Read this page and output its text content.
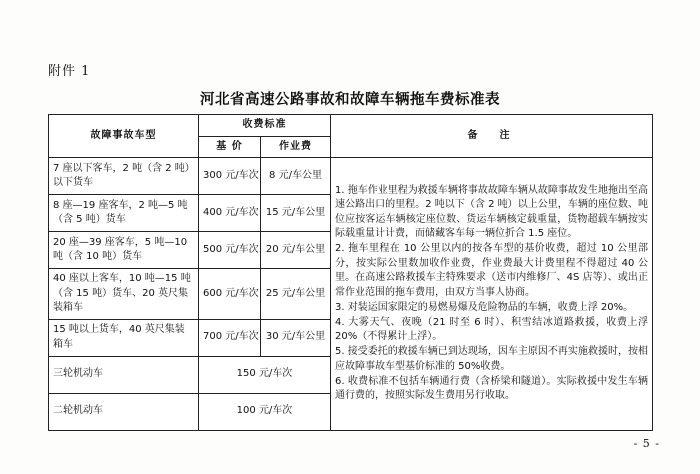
附件 1
河北省高速公路事故和故障车辆拖车费标准表
故障事故车型	收费标准		备　注
	基 价	作业费	
7 座以下客车，2 吨（含 2 吨）以下货车	300 元/车次	8 元/车公里	

1. 拖车作业里程为救援车辆将事故故障车辆从故障事故发生地拖出至高速公路出口的里程。2 吨以下（含 2 吨）以上公里，车辆的座位数、吨位应按客运车辆核定座位数、货运车辆核定载重量，货物超载车辆按实际载重量计计费，而储藏客车每一辆位折合 1.5 座位。

2. 拖车里程在 10 公里以内的按各车型的基价收费，超过 10 公里部分，按实际公里数加收作业费，作业费最大计费里程不得超过 40 公里。在高速公路救援车主特殊要求（送市内维修厂、4S 店等）、或出正常作业范围的拖车费用，由双方当事人协商。

3. 对装运国家限定的易燃易爆及危险物品的车辆，收费上浮 20%。

4. 大雾天气、夜晚（21 时至 6 时）、积雪结冰道路救援，收费上浮 20%（不得累计上浮）。

5. 接受委托的救援车辆已到达现场，因车主原因不再实施救援时，按相应故障事故车型基价标准的 50%收费。

6. 收费标准不包括车辆通行费（含桥梁和隧道）。实际救援中发生车辆通行费的，按照实际发生费用另行收取。

8 座—19 座客车，2 吨—5 吨（含 5 吨）货车	400 元/车次	15 元/车公里	
20 座—39 座客车，5 吨—10 吨（含 10 吨）货车	500 元/车次	20 元/车公里	
40 座以上客车，10 吨—15 吨（含 15 吨）货车、20 英尺集装箱车	600 元/车次	25 元/车公里	
15 吨以上货车，40 英尺集装箱车	700 元/车次	30 元/车公里	
三轮机动车	150 元/车次		
二轮机动车	100 元/车次		
- 5 -
